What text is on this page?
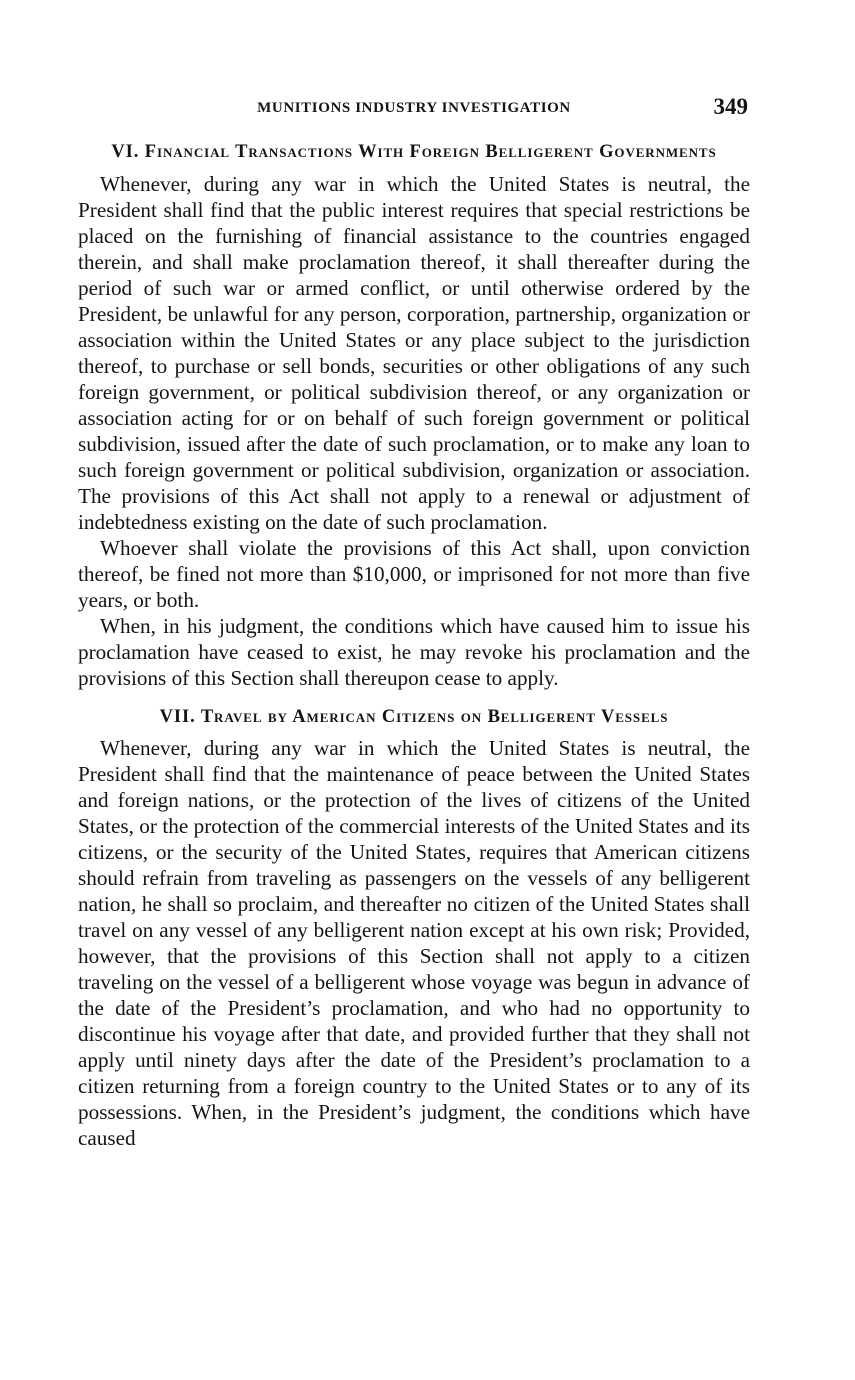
MUNITIONS INDUSTRY INVESTIGATION	349
VI. Financial Transactions With Foreign Belligerent Governments

Whenever, during any war in which the United States is neutral, the President shall find that the public interest requires that special restrictions be placed on the furnishing of financial assistance to the countries engaged therein, and shall make proclamation thereof, it shall thereafter during the period of such war or armed conflict, or until otherwise ordered by the President, be unlawful for any person, corporation, partnership, organization or association within the United States or any place subject to the jurisdiction thereof, to purchase or sell bonds, securities or other obligations of any such foreign government, or political subdivision thereof, or any organization or association acting for or on behalf of such foreign government or political subdivision, issued after the date of such proclamation, or to make any loan to such foreign government or political subdivision, organization or association. The provisions of this Act shall not apply to a renewal or adjustment of indebtedness existing on the date of such proclamation.

Whoever shall violate the provisions of this Act shall, upon conviction thereof, be fined not more than $10,000, or imprisoned for not more than five years, or both.

When, in his judgment, the conditions which have caused him to issue his proclamation have ceased to exist, he may revoke his proclamation and the provisions of this Section shall thereupon cease to apply.

VII. Travel by American Citizens on Belligerent Vessels

Whenever, during any war in which the United States is neutral, the President shall find that the maintenance of peace between the United States and foreign nations, or the protection of the lives of citizens of the United States, or the protection of the commercial interests of the United States and its citizens, or the security of the United States, requires that American citizens should refrain from traveling as passengers on the vessels of any belligerent nation, he shall so proclaim, and thereafter no citizen of the United States shall travel on any vessel of any belligerent nation except at his own risk; Provided, however, that the provisions of this Section shall not apply to a citizen traveling on the vessel of a belligerent whose voyage was begun in advance of the date of the President’s proclamation, and who had no opportunity to discontinue his voyage after that date, and provided further that they shall not apply until ninety days after the date of the President’s proclamation to a citizen returning from a foreign country to the United States or to any of its possessions. When, in the President’s judgment, the conditions which have caused
